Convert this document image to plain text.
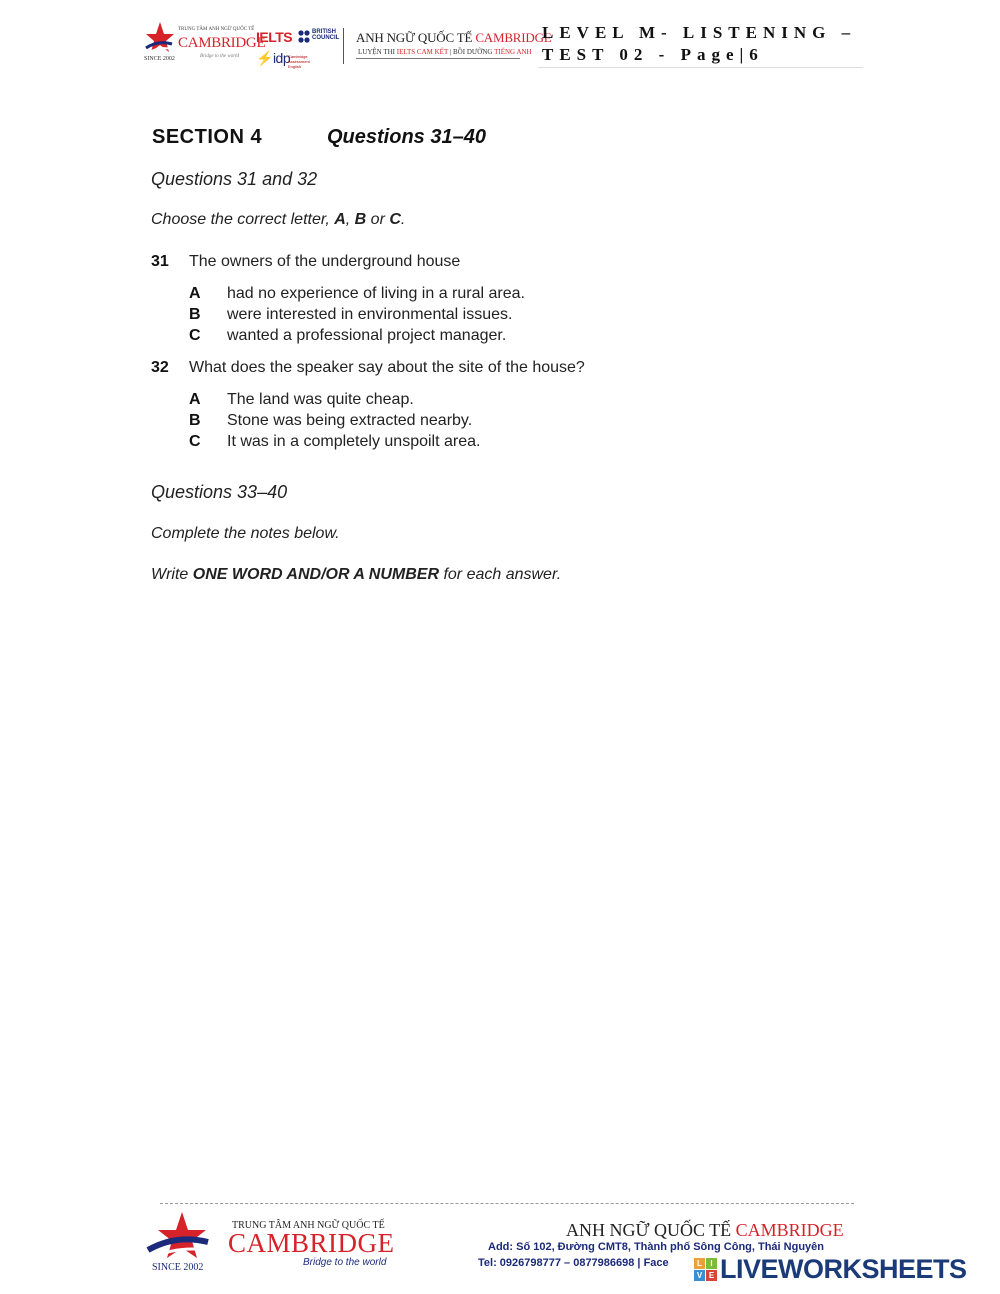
SINCE 2002
TRUNG TÂM ANH NGỮ QUỐC TẾ
CAMBRIDGE
Bridge to the world
IELTS	BRITISH COUNCIL
⚡idp
Cambridge Assessment English
ANH NGỮ QUỐC TẾ CAMBRIDGE
LUYỆN THI IELTS CAM KẾT | BỒI DƯỠNG TIẾNG ANH
LEVEL M- LISTENING –
TEST 02 - Page|6
SECTION 4	Questions 31–40
Questions 31 and 32
Choose the correct letter, A, B or C.
31 The owners of the underground house
A had no experience of living in a rural area.
B were interested in environmental issues.
C wanted a professional project manager.
32 What does the speaker say about the site of the house?
A The land was quite cheap.
B Stone was being extracted nearby.
C It was in a completely unspoilt area.
Questions 33–40
Complete the notes below.
Write ONE WORD AND/OR A NUMBER for each answer.
SINCE 2002
TRUNG TÂM ANH NGỮ QUỐC TẾ
CAMBRIDGE
Bridge to the world
ANH NGỮ QUỐC TẾ CAMBRIDGE
Add: Số 102, Đường CMT8, Thành phố Sông Công, Thái Nguyên
Tel: 0926798777 – 0877986698 | Face	L	I
V E LIVEWORKSHEETS
